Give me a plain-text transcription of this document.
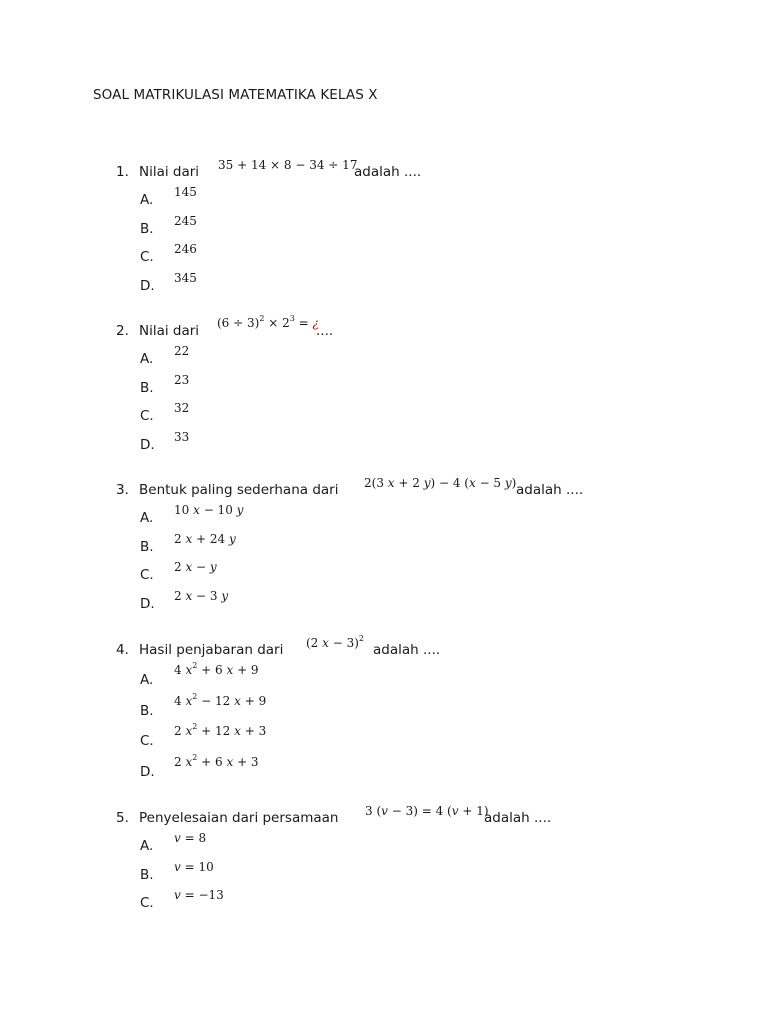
SOAL MATRIKULASI MATEMATIKA KELAS X
1. Nilai dari 35 + 14 × 8 − 34 ÷ 17
adalah ....
A. 145
B. 245
C. 246
D. 345
2. Nilai dari $(6 \div 3)^2 \times 2^3$ = ¿
....
A. 22
B. 23
C. 32
D. 33
3. Bentuk paling sederhana dari 2(3 x + 2 y) − 4 (x − 5 y) adalah ....
A. 10 x − 10 y
B. 2 x + 24 y
C. 2 x − y
D. 2 x − 3 y
4. Hasil penjabaran dari (2 x − 3)$^2$
adalah ....
A.
4 $x^2 + 6$ x + 9
B.
4 $x^2 - 12$ x + 9
C.
2 $x^2 + 12$ x + 3
D.
2 $x^2 + 6$ x + 3
5. Penyelesaian dari persamaan 3 (v − 3) = 4 (v + 1)
adalah ....
A. v = 8
B. v = 10
C. v = −13
